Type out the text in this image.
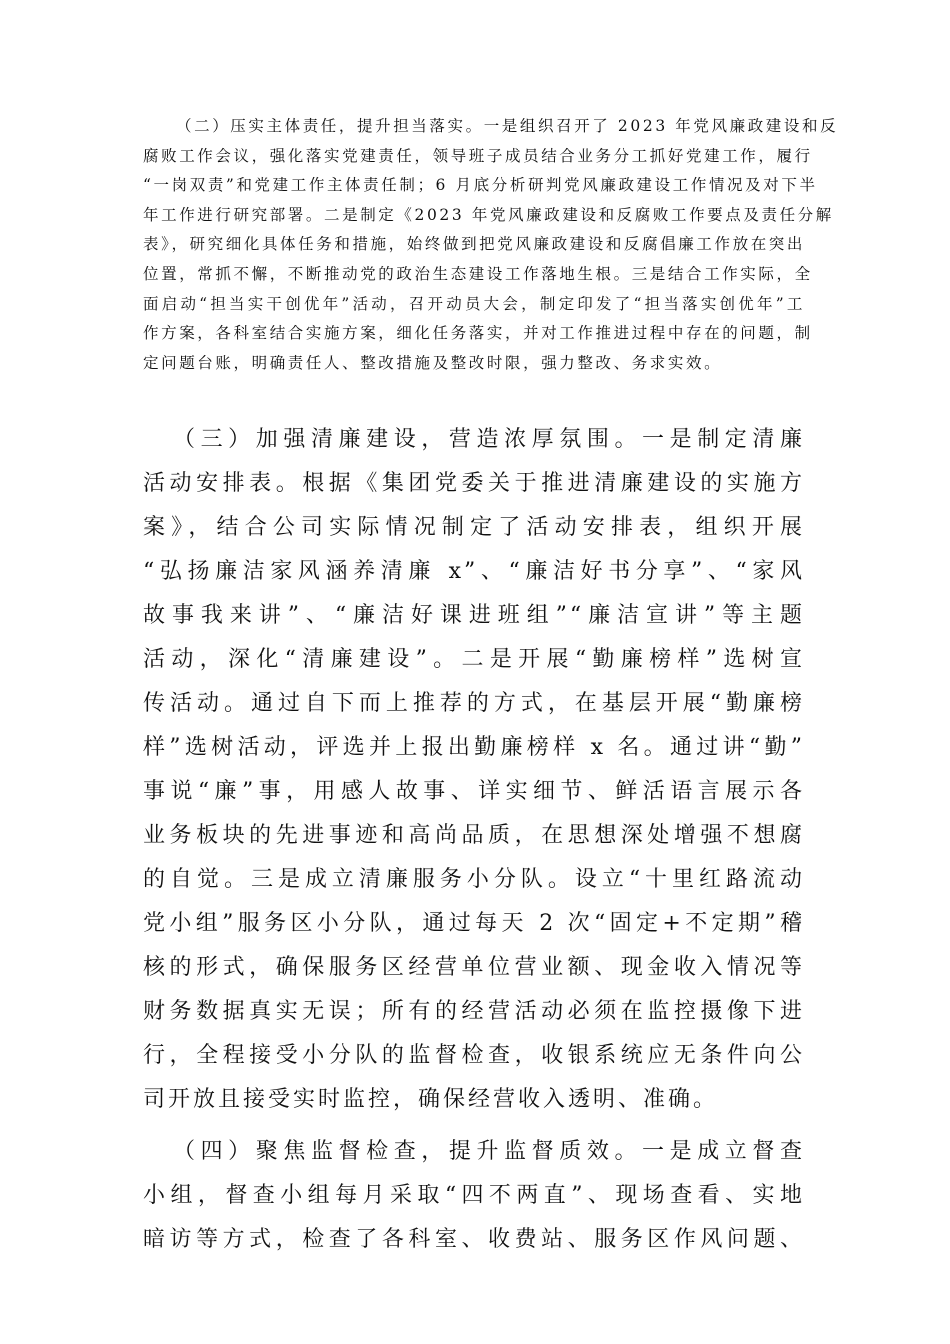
（二）压实主体责任，提升担当落实。一是组织召开了 2023 年党风廉政建设和反
腐败工作会议，强化落实党建责任，领导班子成员结合业务分工抓好党建工作，履行
“一岗双责”和党建工作主体责任制；6 月底分析研判党风廉政建设工作情况及对下半
年工作进行研究部署。二是制定《2023 年党风廉政建设和反腐败工作要点及责任分解
表》，研究细化具体任务和措施，始终做到把党风廉政建设和反腐倡廉工作放在突出
位置，常抓不懈，不断推动党的政治生态建设工作落地生根。三是结合工作实际，全
面启动“担当实干创优年”活动，召开动员大会，制定印发了“担当落实创优年”工
作方案，各科室结合实施方案，细化任务落实，并对工作推进过程中存在的问题，制
定问题台账，明确责任人、整改措施及整改时限，强力整改、务求实效。
（三）加强清廉建设，营造浓厚氛围。一是制定清廉
活动安排表。根据《集团党委关于推进清廉建设的实施方
案》，结合公司实际情况制定了活动安排表，组织开展
“弘扬廉洁家风涵养清廉 x”、“廉洁好书分享”、“家风
故事我来讲”、“廉洁好课进班组”“廉洁宣讲”等主题
活动，深化“清廉建设”。二是开展“勤廉榜样”选树宣
传活动。通过自下而上推荐的方式，在基层开展“勤廉榜
样”选树活动，评选并上报出勤廉榜样 x 名。通过讲“勤”
事说“廉”事，用感人故事、详实细节、鲜活语言展示各
业务板块的先进事迹和高尚品质，在思想深处增强不想腐
的自觉。三是成立清廉服务小分队。设立“十里红路流动
党小组”服务区小分队，通过每天 2 次“固定+不定期”稽
核的形式，确保服务区经营单位营业额、现金收入情况等
财务数据真实无误；所有的经营活动必须在监控摄像下进
行，全程接受小分队的监督检查，收银系统应无条件向公
司开放且接受实时监控，确保经营收入透明、准确。
（四）聚焦监督检查，提升监督质效。一是成立督查
小组，督查小组每月采取“四不两直”、现场查看、实地
暗访等方式，检查了各科室、收费站、服务区作风问题、
